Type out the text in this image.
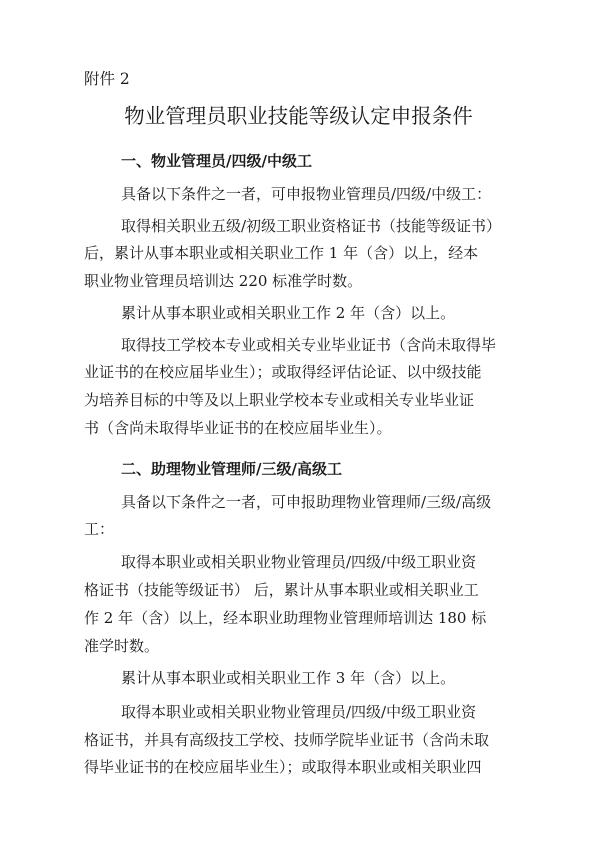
附件 2
物业管理员职业技能等级认定申报条件
一、物业管理员/四级/中级工
具备以下条件之一者，可申报物业管理员/四级/中级工：
取得相关职业五级/初级工职业资格证书（技能等级证书）
后，累计从事本职业或相关职业工作 1 年（含）以上，经本
职业物业管理员培训达 220 标准学时数。
累计从事本职业或相关职业工作 2 年（含）以上。
取得技工学校本专业或相关专业毕业证书（含尚未取得毕
业证书的在校应届毕业生）；或取得经评估论证、以中级技能
为培养目标的中等及以上职业学校本专业或相关专业毕业证
书（含尚未取得毕业证书的在校应届毕业生）。
二、助理物业管理师/三级/高级工
具备以下条件之一者，可申报助理物业管理师/三级/高级
工：
取得本职业或相关职业物业管理员/四级/中级工职业资
格证书（技能等级证书） 后，累计从事本职业或相关职业工
作 2 年（含）以上，经本职业助理物业管理师培训达 180 标
准学时数。
累计从事本职业或相关职业工作 3 年（含）以上。
取得本职业或相关职业物业管理员/四级/中级工职业资
格证书，并具有高级技工学校、技师学院毕业证书（含尚未取
得毕业证书的在校应届毕业生）；或取得本职业或相关职业四
